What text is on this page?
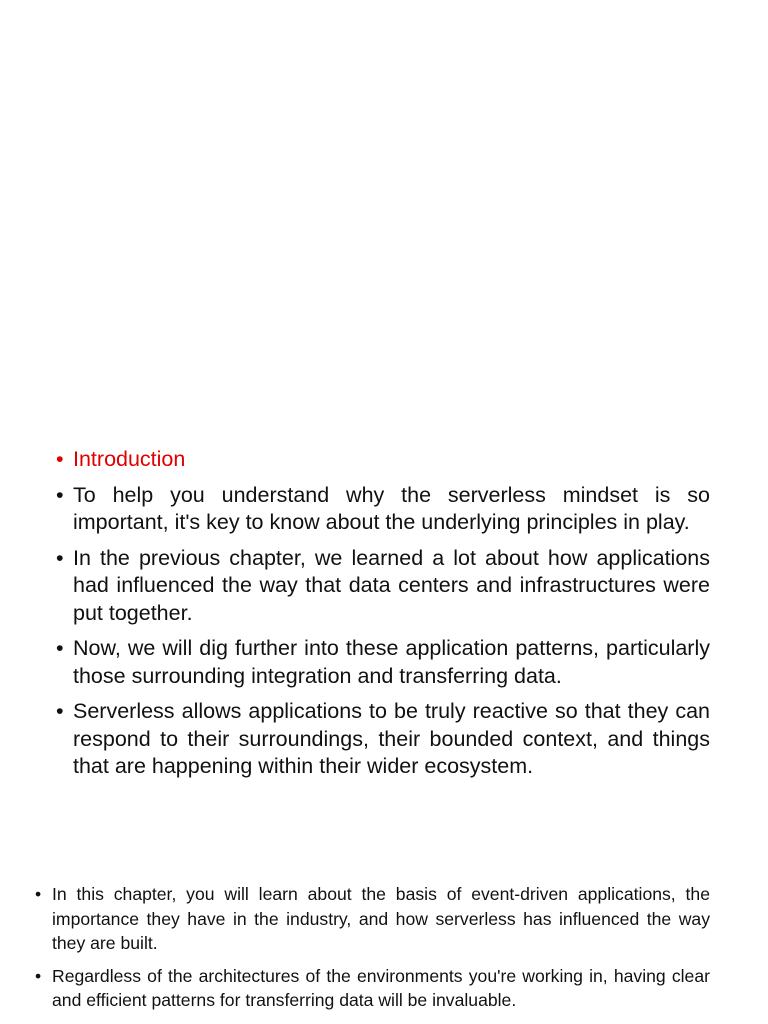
• Introduction
• To help you understand why the serverless mindset is so important, it's key to know about the underlying principles in play.
• In the previous chapter, we learned a lot about how applications had influenced the way that data centers and infrastructures were put together.
• Now, we will dig further into these application patterns, particularly those surrounding integration and transferring data.
• Serverless allows applications to be truly reactive so that they can respond to their surroundings, their bounded context, and things that are happening within their wider ecosystem.
• In this chapter, you will learn about the basis of event-driven applications, the importance they have in the industry, and how serverless has influenced the way they are built.
• Regardless of the architectures of the environments you're working in, having clear and efficient patterns for transferring data will be invaluable.
